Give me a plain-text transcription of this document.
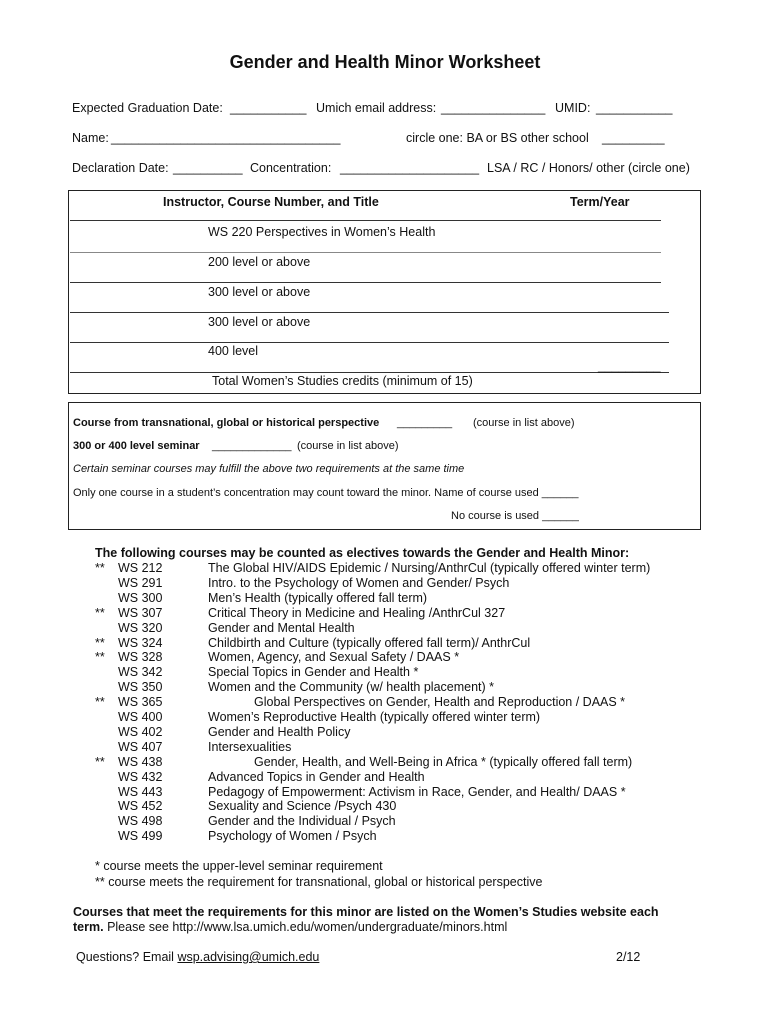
Gender and Health Minor Worksheet
Expected Graduation Date: ___________ Umich email address: _______________ UMID: ___________
Name: _________________________________	circle one: BA or BS other school _________
Declaration Date: __________ Concentration: ____________________ LSA / RC / Honors/ other (circle one)
Instructor, Course Number, and Title	Term/Year
WS 220 Perspectives in Women’s Health
200 level or above
300 level or above
300 level or above
400 level
_________
Total Women’s Studies credits (minimum of 15)
Course from transnational, global or historical perspective _________ (course in list above)
300 or 400 level seminar _____________ (course in list above)
Certain seminar courses may fulfill the above two requirements at the same time
Only one course in a student’s concentration may count toward the minor. Name of course used ______
No course is used ______
The following courses may be counted as electives towards the Gender and Health Minor:
** WS 212	The Global HIV/AIDS Epidemic / Nursing/AnthrCul (typically offered winter term)
WS 291	Intro. to the Psychology of Women and Gender/ Psych
WS 300	Men’s Health (typically offered fall term)
** WS 307	Critical Theory in Medicine and Healing /AnthrCul 327
WS 320	Gender and Mental Health
** WS 324	Childbirth and Culture (typically offered fall term)/ AnthrCul
** WS 328	Women, Agency, and Sexual Safety / DAAS *
WS 342	Special Topics in Gender and Health *
WS 350	Women and the Community (w/ health placement) *
** WS 365	Global Perspectives on Gender, Health and Reproduction / DAAS *
WS 400	Women’s Reproductive Health (typically offered winter term)
WS 402	Gender and Health Policy
WS 407	Intersexualities
** WS 438	Gender, Health, and Well-Being in Africa * (typically offered fall term)
WS 432	Advanced Topics in Gender and Health
WS 443	Pedagogy of Empowerment: Activism in Race, Gender, and Health/ DAAS *
WS 452	Sexuality and Science /Psych 430
WS 498	Gender and the Individual / Psych
WS 499	Psychology of Women / Psych
* course meets the upper-level seminar requirement
** course meets the requirement for transnational, global or historical perspective
Courses that meet the requirements for this minor are listed on the Women’s Studies website each term. Please see http://www.lsa.umich.edu/women/undergraduate/minors.html
Questions? Email wsp.advising@umich.edu	2/12
